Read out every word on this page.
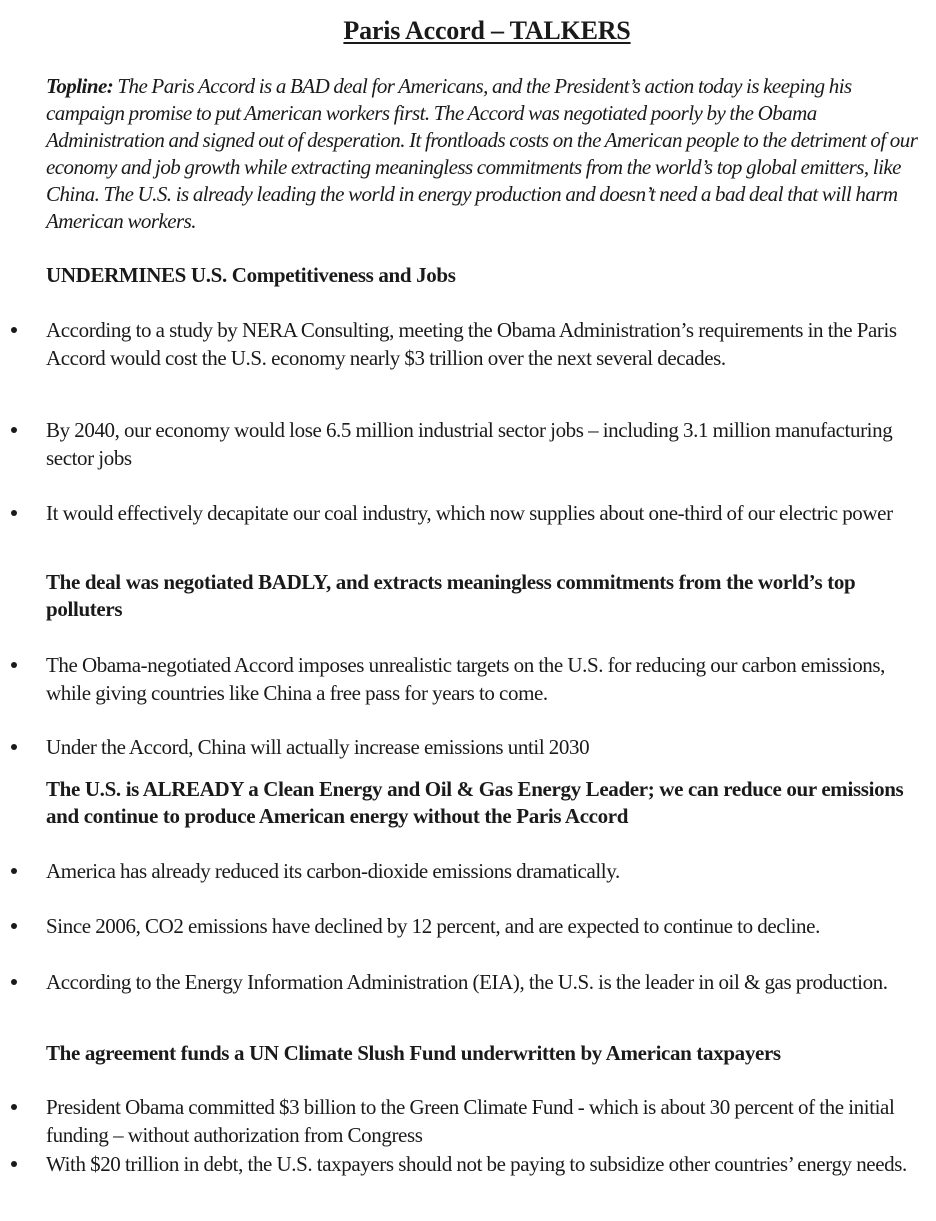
Paris Accord – TALKERS
Topline: The Paris Accord is a BAD deal for Americans, and the President’s action today is keeping his campaign promise to put American workers first. The Accord was negotiated poorly by the Obama Administration and signed out of desperation. It frontloads costs on the American people to the detriment of our economy and job growth while extracting meaningless commitments from the world’s top global emitters, like China. The U.S. is already leading the world in energy production and doesn’t need a bad deal that will harm American workers.
UNDERMINES U.S. Competitiveness and Jobs
According to a study by NERA Consulting, meeting the Obama Administration’s requirements in the Paris Accord would cost the U.S. economy nearly $3 trillion over the next several decades.
By 2040, our economy would lose 6.5 million industrial sector jobs – including 3.1 million manufacturing sector jobs
It would effectively decapitate our coal industry, which now supplies about one-third of our electric power
The deal was negotiated BADLY, and extracts meaningless commitments from the world’s top polluters
The Obama-negotiated Accord imposes unrealistic targets on the U.S. for reducing our carbon emissions, while giving countries like China a free pass for years to come.
Under the Accord, China will actually increase emissions until 2030
The U.S. is ALREADY a Clean Energy and Oil & Gas Energy Leader; we can reduce our emissions and continue to produce American energy without the Paris Accord
America has already reduced its carbon-dioxide emissions dramatically.
Since 2006, CO2 emissions have declined by 12 percent, and are expected to continue to decline.
According to the Energy Information Administration (EIA), the U.S. is the leader in oil & gas production.
The agreement funds a UN Climate Slush Fund underwritten by American taxpayers
President Obama committed $3 billion to the Green Climate Fund - which is about 30 percent of the initial funding – without authorization from Congress
With $20 trillion in debt, the U.S. taxpayers should not be paying to subsidize other countries’ energy needs.
